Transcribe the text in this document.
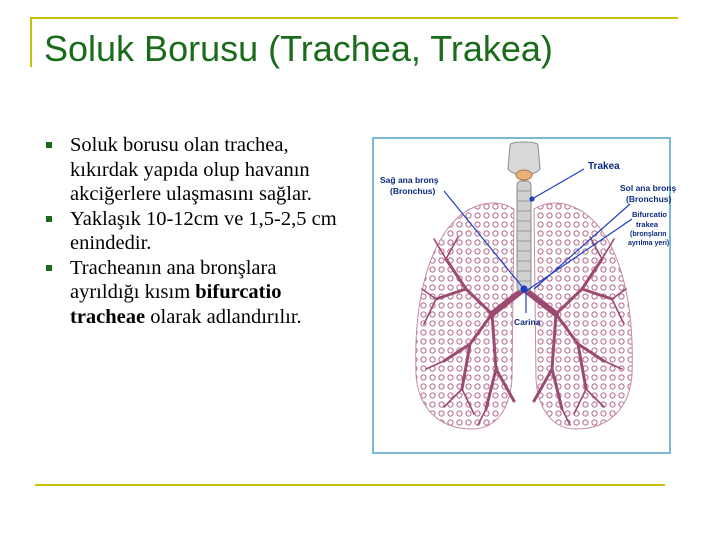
Soluk Borusu (Trachea, Trakea)
Soluk borusu olan trachea, kıkırdak yapıda olup havanın akciğerlere ulaşmasını sağlar.
Yaklaşık 10-12cm ve 1,5-2,5 cm enindedir.
Tracheanın ana bronşlara ayrıldığı kısım bifurcatio tracheae olarak adlandırılır.
Sağ ana bronş
(Bronchus)
Trakea
Sol ana bronş
(Bronchus)
Bifurcatio
trakea
(bronşların
ayrılma yeri)
Carina
